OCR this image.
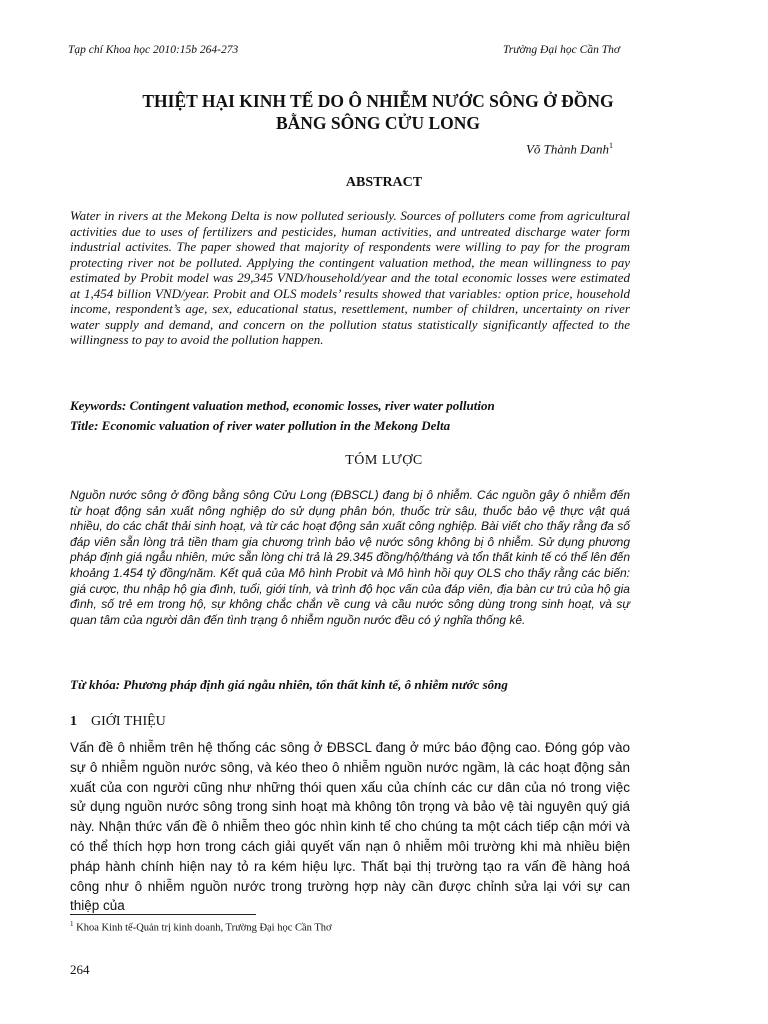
Tạp chí Khoa học 2010:15b 264-273	Trường Đại học Cần Thơ
THIỆT HẠI KINH TẾ DO Ô NHIỄM NƯỚC SÔNG Ở ĐỒNG
BẰNG SÔNG CỬU LONG
Võ Thành Danh$^1$
ABSTRACT
Water in rivers at the Mekong Delta is now polluted seriously. Sources of polluters come from agricultural activities due to uses of fertilizers and pesticides, human activities, and untreated discharge water form industrial activites. The paper showed that majority of respondents were willing to pay for the program protecting river not be polluted. Applying the contingent valuation method, the mean willingness to pay estimated by Probit model was 29,345 VND/household/year and the total economic losses were estimated at 1,454 billion VND/year. Probit and OLS models’ results showed that variables: option price, household income, respondent’s age, sex, educational status, resettlement, number of children, uncertainty on river water supply and demand, and concern on the pollution status statistically significantly affected to the willingness to pay to avoid the pollution happen.
Keywords: Contingent valuation method, economic losses, river water pollution
Title: Economic valuation of river water pollution in the Mekong Delta
TÓM LƯỢC
Nguồn nước sông ở đồng bằng sông Cửu Long (ĐBSCL) đang bị ô nhiễm. Các nguồn gây ô nhiễm đến từ hoạt động sản xuất nông nghiệp do sử dụng phân bón, thuốc trừ sâu, thuốc bảo vệ thực vật quá nhiều, do các chất thải sinh hoạt, và từ các hoạt động sản xuất công nghiệp. Bài viết cho thấy rằng đa số đáp viên sẵn lòng trả tiền tham gia chương trình bảo vệ nước sông không bị ô nhiễm. Sử dụng phương pháp định giá ngẫu nhiên, mức sẵn lòng chi trả là 29.345 đồng/hộ/tháng và tổn thất kinh tế có thể lên đến khoảng 1.454 tỷ đồng/năm. Kết quả của Mô hình Probit và Mô hình hồi quy OLS cho thấy rằng các biến: giá cược, thu nhập hộ gia đình, tuổi, giới tính, và trình độ học vấn của đáp viên, địa bàn cư trú của hộ gia đình, số trẻ em trong hộ, sự không chắc chắn về cung và cầu nước sông dùng trong sinh hoạt, và sự quan tâm của người dân đến tình trạng ô nhiễm nguồn nước đều có ý nghĩa thống kê.
Từ khóa: Phương pháp định giá ngẫu nhiên, tổn thất kinh tế, ô nhiễm nước sông
1 GIỚI THIỆU
Vấn đề ô nhiễm trên hệ thống các sông ở ĐBSCL đang ở mức báo động cao. Đóng góp vào sự ô nhiễm nguồn nước sông, và kéo theo ô nhiễm nguồn nước ngầm, là các hoạt động sản xuất của con người cũng như những thói quen xấu của chính các cư dân của nó trong việc sử dụng nguồn nước sông trong sinh hoạt mà không tôn trọng và bảo vệ tài nguyên quý giá này. Nhận thức vấn đề ô nhiễm theo góc nhìn kinh tế cho chúng ta một cách tiếp cận mới và có thể thích hợp hơn trong cách giải quyết vấn nạn ô nhiễm môi trường khi mà nhiều biện pháp hành chính hiện nay tỏ ra kém hiệu lực. Thất bại thị trường tạo ra vấn đề hàng hoá công như ô nhiễm nguồn nước trong trường hợp này cần được chỉnh sửa lại với sự can thiệp của
$^1$ Khoa Kinh tế-Quản trị kinh doanh, Trường Đại học Cần Thơ
264
